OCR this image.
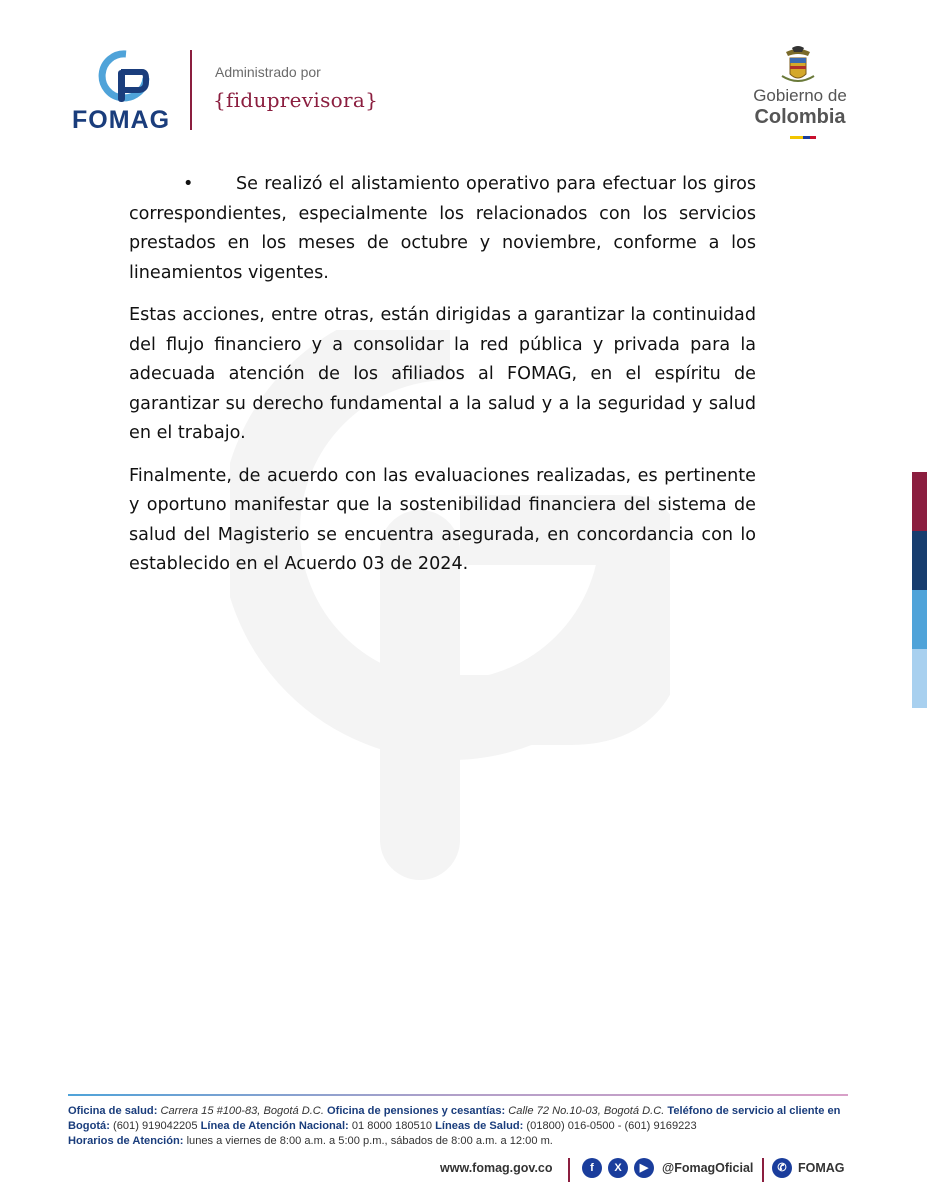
FOMAG
Administrado por
{fiduprevisora}	Gobierno de
Colombia

• Se realizó el alistamiento operativo para efectuar los giros correspondientes, especialmente los relacionados con los servicios prestados en los meses de octubre y noviembre, conforme a los lineamientos vigentes.

Estas acciones, entre otras, están dirigidas a garantizar la continuidad del flujo financiero y a consolidar la red pública y privada para la adecuada atención de los afiliados al FOMAG, en el espíritu de garantizar su derecho fundamental a la salud y a la seguridad y salud en el trabajo.

Finalmente, de acuerdo con las evaluaciones realizadas, es pertinente y oportuno manifestar que la sostenibilidad financiera del sistema de salud del Magisterio se encuentra asegurada, en concordancia con lo establecido en el Acuerdo 03 de 2024.

Oficina de salud: Carrera 15 #100-83, Bogotá D.C. Oficina de pensiones y cesantías: Calle 72 No.10-03, Bogotá D.C. Teléfono de servicio al cliente en Bogotá: (601) 919042205 Línea de Atención Nacional: 01 8000 180510 Líneas de Salud: (01800) 016-0500 - (601) 9169223
Horarios de Atención: lunes a viernes de 8:00 a.m. a 5:00 p.m., sábados de 8:00 a.m. a 12:00 m.
www.fomag.gov.co	f	X	▶	@FomagOficial	✆ FOMAG
